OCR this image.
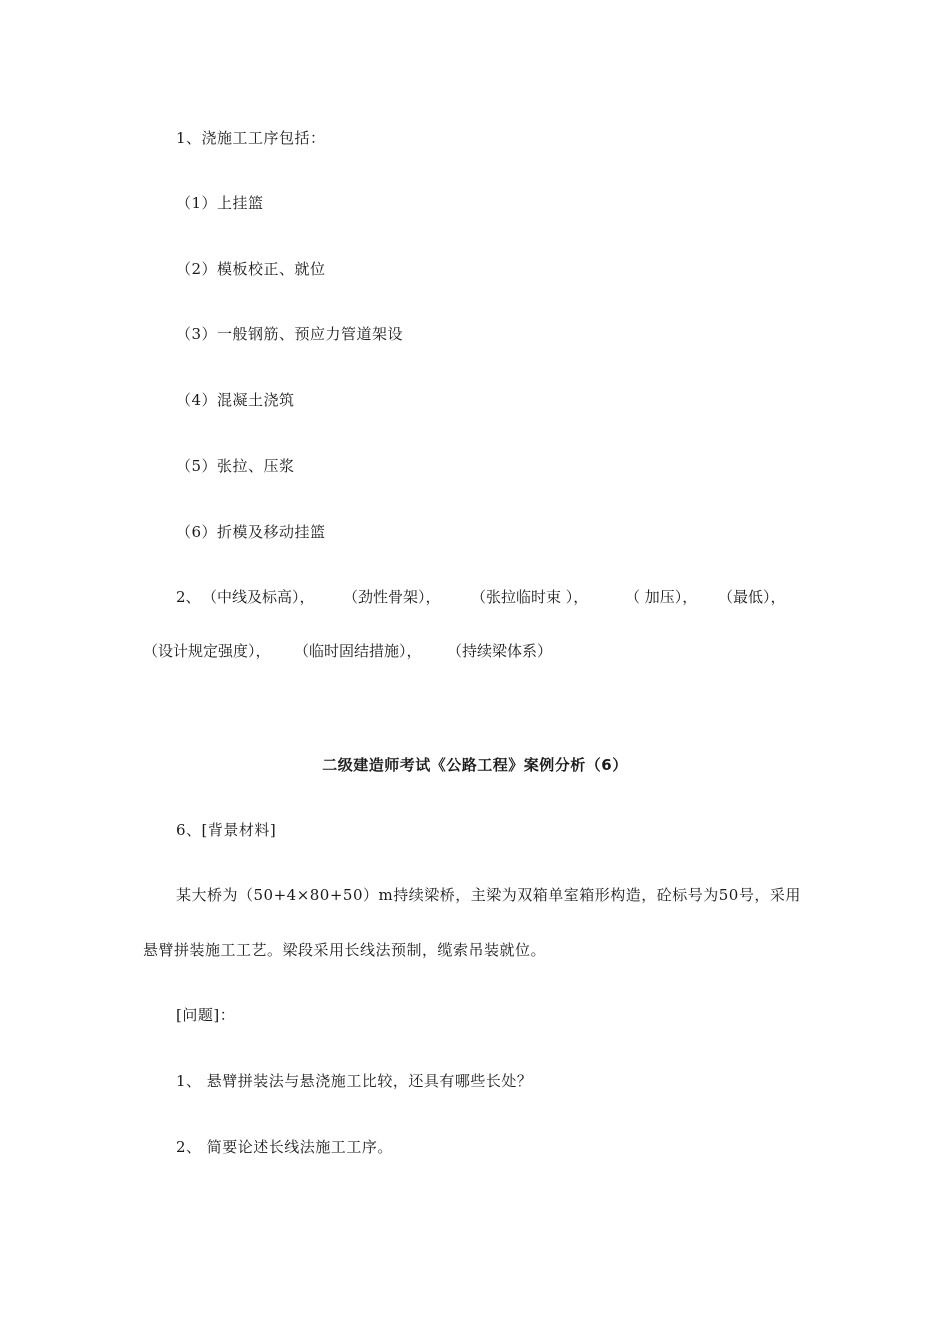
1、浇施工工序包括：
（1）上挂篮
（2）模板校正、就位
（3）一般钢筋、预应力管道架设
（4）混凝土浇筑
（5）张拉、压浆
（6）折模及移动挂篮
2、 （中线及标高）， （劲性骨架）， （张拉临时束 ）， （ 加压）， （最低），
（设计规定强度）， （临时固结措施）， （持续梁体系）
二级建造师考试《公路工程》案例分析（6）
6、[背景材料]
某大桥为（50+4×80+50）m持续梁桥，主梁为双箱单室箱形构造，砼标号为50号，采用
悬臂拼装施工工艺。梁段采用长线法预制，缆索吊装就位。
[问题]：
1、 悬臂拼装法与悬浇施工比较，还具有哪些长处？
2、 简要论述长线法施工工序。
